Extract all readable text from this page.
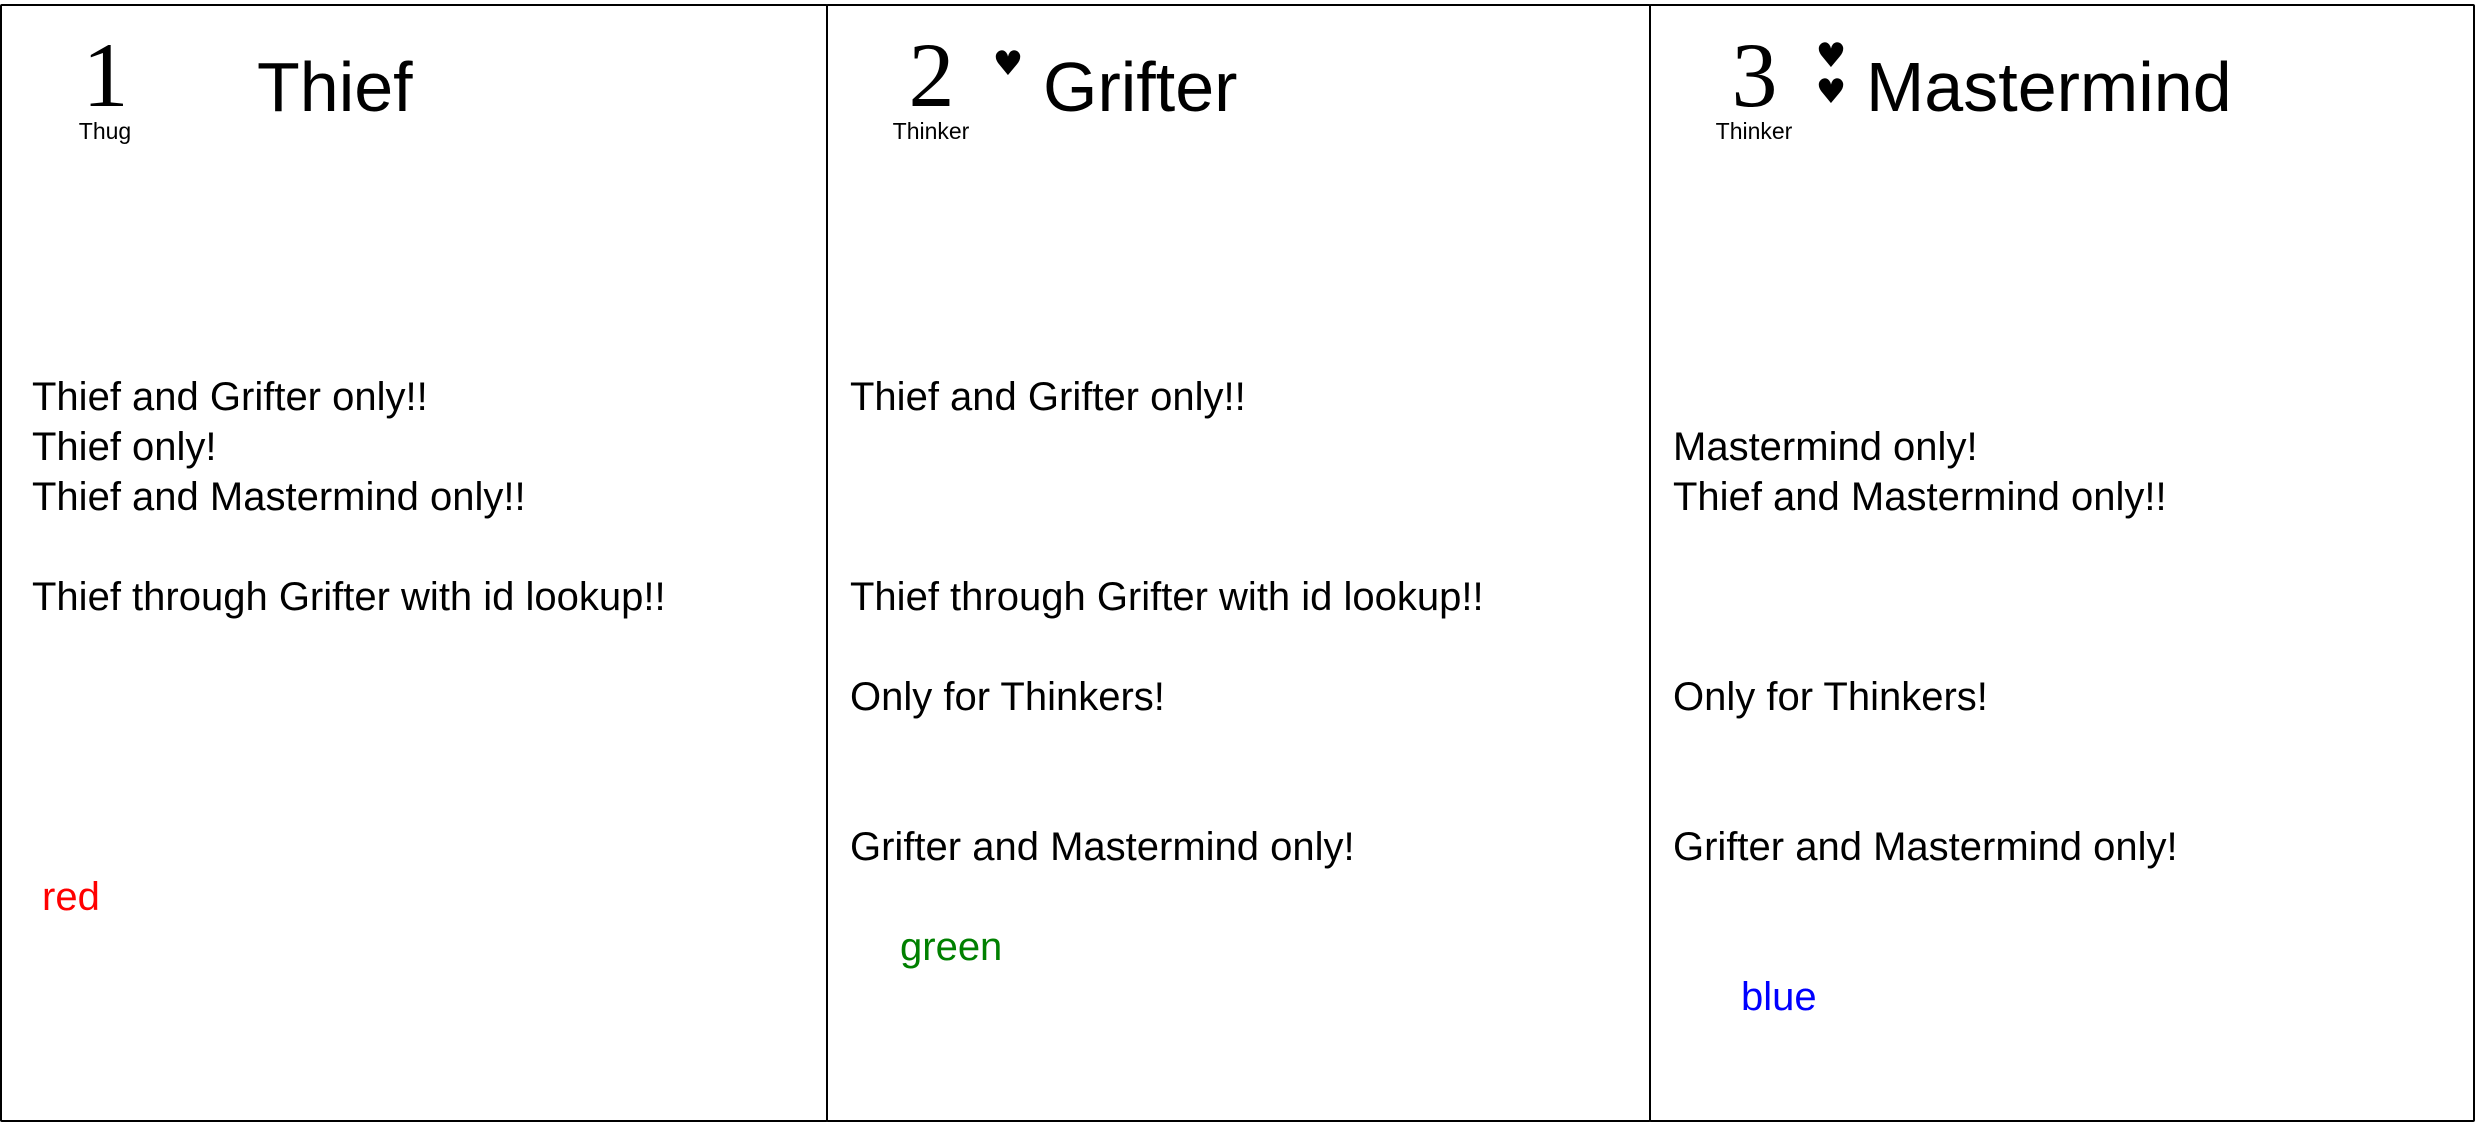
1
Thug
Thief
Thief and Grifter only!!
Thief only!
Thief and Mastermind only!!
Thief through Grifter with id lookup!!
red
2
Thinker
♥ Grifter
Thief and Grifter only!!
Thief through Grifter with id lookup!!
Only for Thinkers!
Grifter and Mastermind only!
green
3
Thinker
♥
♥ Mastermind
Mastermind only!
Thief and Mastermind only!!
Only for Thinkers!
Grifter and Mastermind only!
blue
